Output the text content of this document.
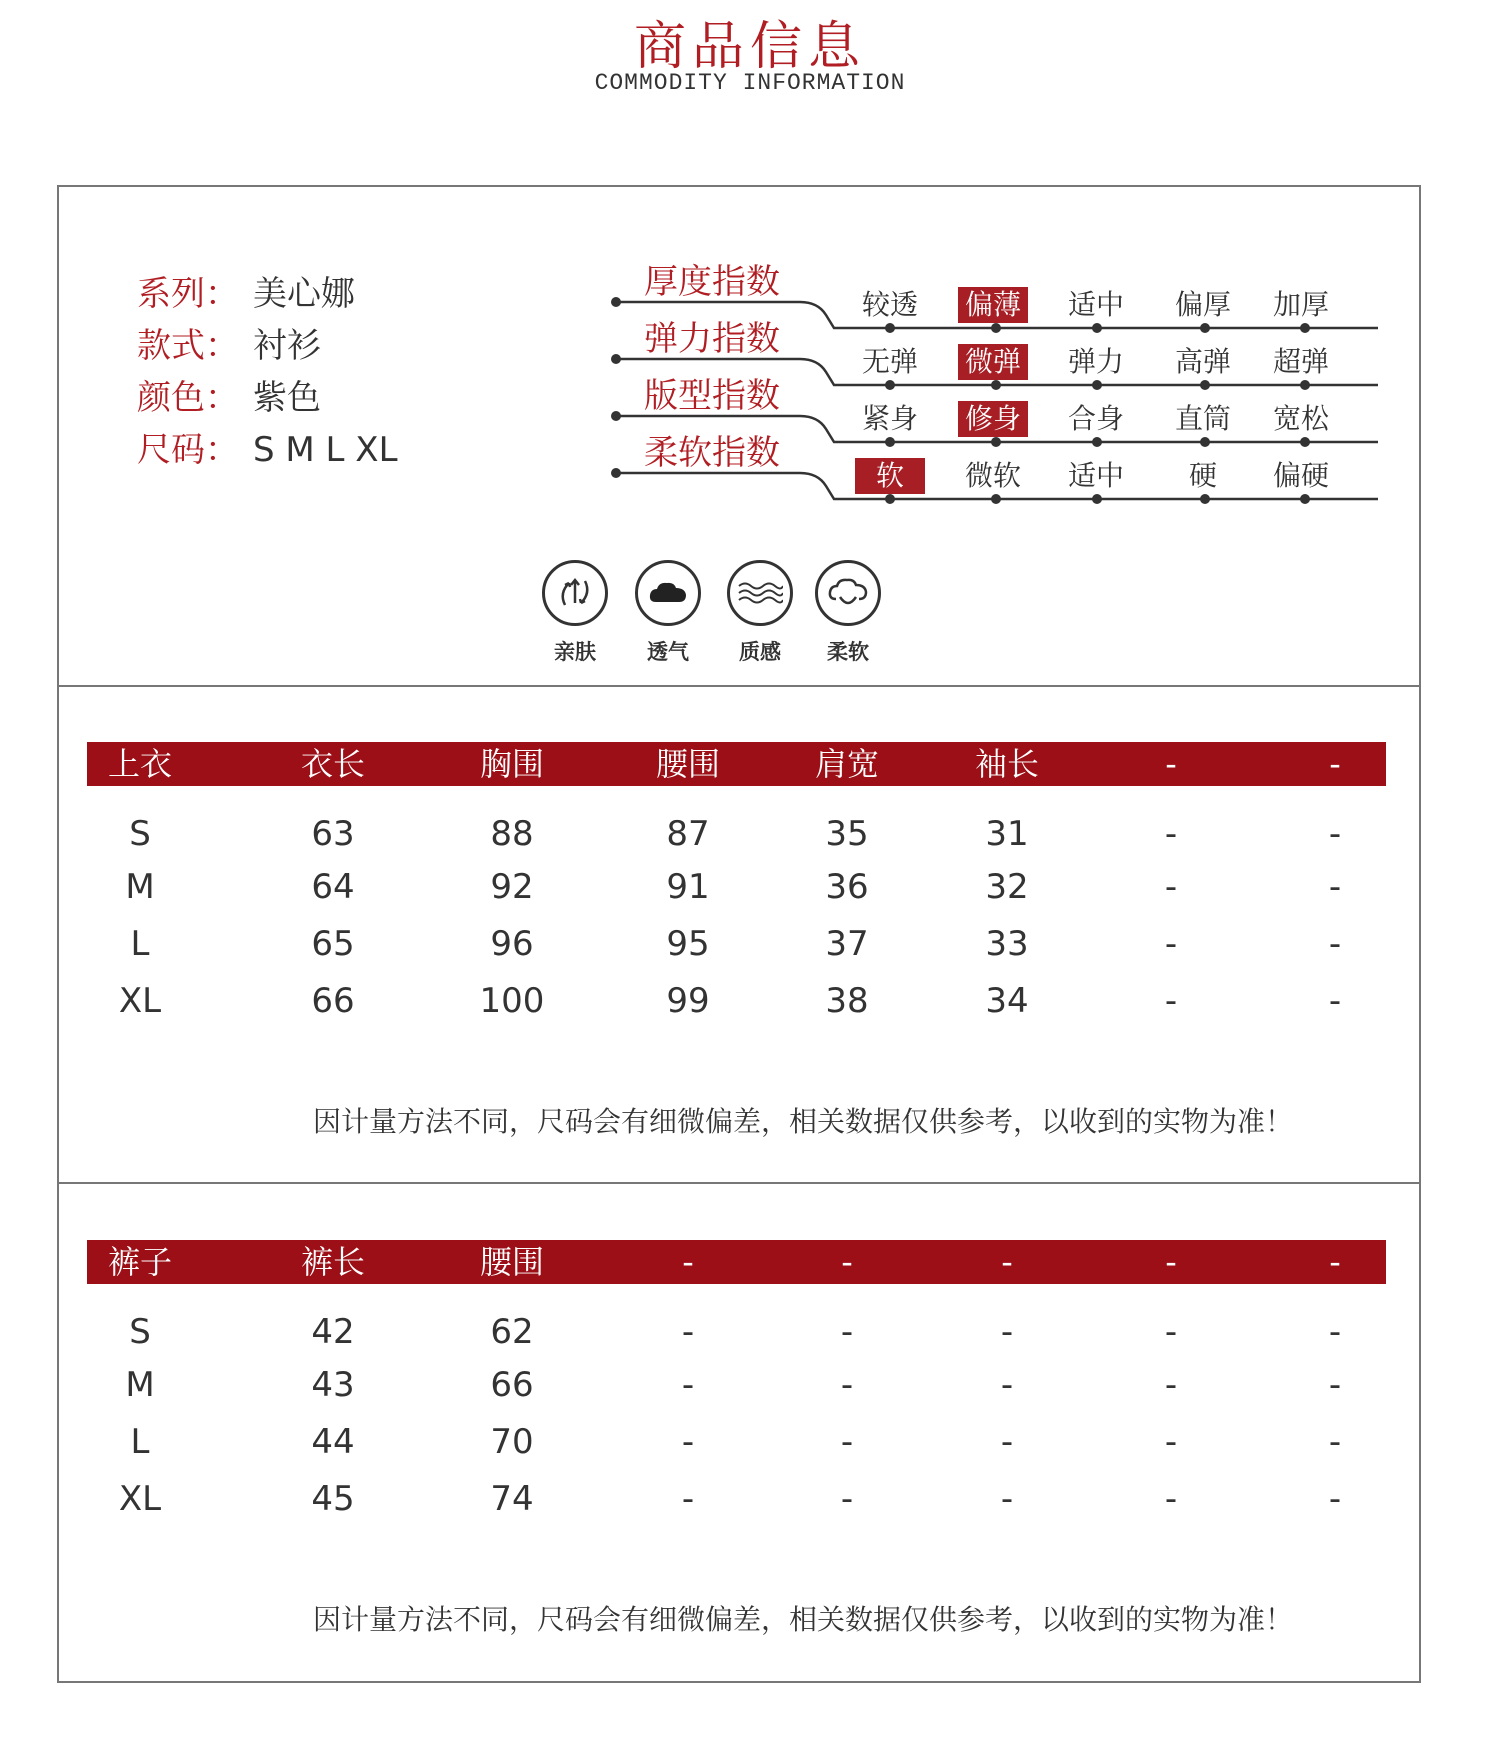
商品信息
COMMODITY INFORMATION
系列： 美心娜
款式： 衬衫
颜色： 紫色
尺码： S M L XL
厚度指数
弹力指数
版型指数
柔软指数
较透 偏薄 适中 偏厚 加厚
无弹 微弹 弹力 高弹 超弹
紧身 修身 合身 直筒 宽松
软	微软 适中	硬	偏硬
亲肤	透气	质感	柔软
上衣	衣长	胸围	腰围	肩宽	袖长	-	-
S	63	88	87	35	31	-	-
M	64	92	91	36	32	-	-
L	65	96	95	37	33	-	-
XL	66	100	99	38	34	-	-
因计量方法不同，尺码会有细微偏差，相关数据仅供参考，以收到的实物为准！
裤子	裤长	腰围	-	-	-	-	-
S	42	62	-	-	-	-	-
M	43	66	-	-	-	-	-
L	44	70	-	-	-	-	-
XL	45	74	-	-	-	-	-
因计量方法不同，尺码会有细微偏差，相关数据仅供参考，以收到的实物为准！
